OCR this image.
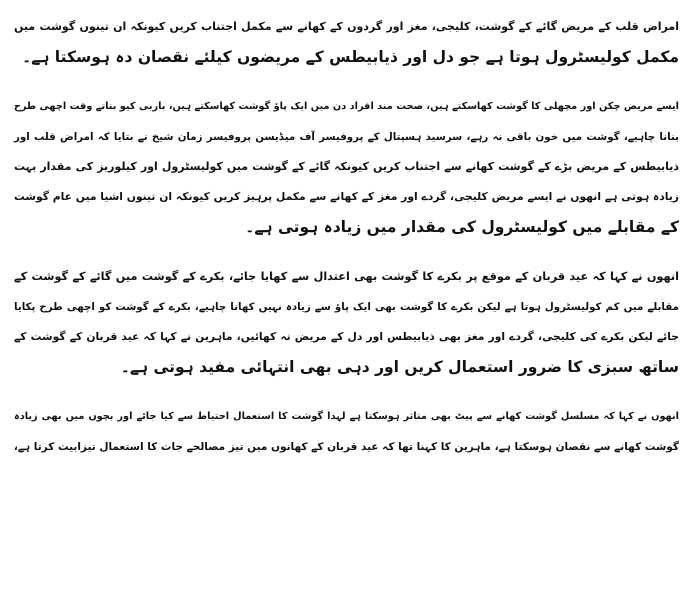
امراض قلب کے مریض گائے کے گوشت، کلیجی، مغز اور گردوں کے کھانے سے مکمل اجتناب کریں کیونکہ ان تینوں گوشت میں
مکمل کولیسٹرول ہوتا ہے جو دل اور ذیابیطس کے مریضوں کیلئے نقصان دہ ہوسکتا ہے۔
ایسے مریض چکن اور مچھلی کا گوشت کھاسکتے ہیں، صحت مند افراد دن میں ایک پاؤ گوشت کھاسکتے ہیں، باربی کیو بناتے وقت اچھی طرح
بنانا چاہیے، گوشت میں خون باقی نہ رہے، سرسید ہسپتال کے پروفیسر آف میڈیسن پروفیسر زمان شیخ نے بتایا کہ امراض قلب اور
ذیابیطس کے مریض بڑے کے گوشت کھانے سے اجتناب کریں کیونکہ گائے کے گوشت میں کولیسٹرول اور کیلوریز کی مقدار بہت
زیادہ ہوتی ہے انھوں نے ایسے مریض کلیجی، گردے اور مغز کے کھانے سے مکمل پرہیز کریں کیونکہ ان تینوں اشیا میں عام گوشت
کے مقابلے میں کولیسٹرول کی مقدار میں زیادہ ہوتی ہے۔
انھوں نے کہا کہ عید قربان کے موقع پر بکرے کا گوشت بھی اعتدال سے کھایا جائے، بکرے کے گوشت میں گائے کے گوشت کے
مقابلے میں کم کولیسٹرول ہوتا ہے لیکن بکرے کا گوشت بھی ایک پاؤ سے زیادہ نہیں کھانا چاہیے، بکرے کے گوشت کو اچھی طرح پکایا
جائے لیکن بکرے کی کلیجی، گردے اور مغز بھی ذیابیطس اور دل کے مریض نہ کھائیں، ماہرین نے کہا کہ عید قربان کے گوشت کے
ساتھ سبزی کا ضرور استعمال کریں اور دہی بھی انتہائی مفید ہوتی ہے۔
انھوں نے کہا کہ مسلسل گوشت کھانے سے پیٹ بھی متاثر ہوسکتا ہے لہذا گوشت کا استعمال احتیاط سے کیا جائے اور بچوں میں بھی زیادہ
گوشت کھانے سے نقصان ہوسکتا ہے، ماہرین کا کہنا تھا کہ عید قربان کے کھانوں میں تیز مصالحے جات کا استعمال تیزابیت کرتا ہے،
